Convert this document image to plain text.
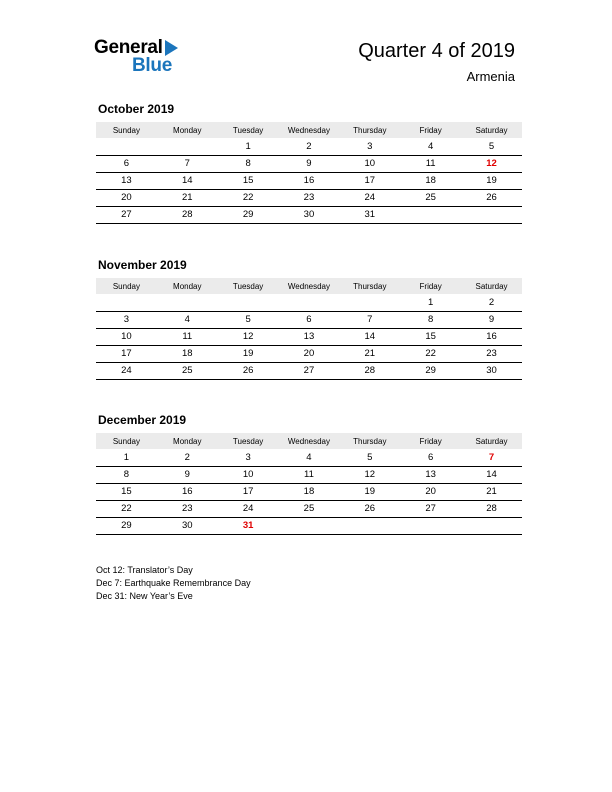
General
Blue
Quarter 4 of 2019
Armenia
October 2019
Sunday	Monday	Tuesday	Wednesday	Thursday	Friday	Saturday
		1	2	3	4	5
6	7	8	9	10	11	12
13	14	15	16	17	18	19
20	21	22	23	24	25	26
27	28	29	30	31		
November 2019
Sunday	Monday	Tuesday	Wednesday	Thursday	Friday	Saturday
					1	2
3	4	5	6	7	8	9
10	11	12	13	14	15	16
17	18	19	20	21	22	23
24	25	26	27	28	29	30
December 2019
Sunday	Monday	Tuesday	Wednesday	Thursday	Friday	Saturday
1	2	3	4	5	6	7
8	9	10	11	12	13	14
15	16	17	18	19	20	21
22	23	24	25	26	27	28
29	30	31				
Oct 12: Translator’s Day
Dec 7: Earthquake Remembrance Day
Dec 31: New Year’s Eve
